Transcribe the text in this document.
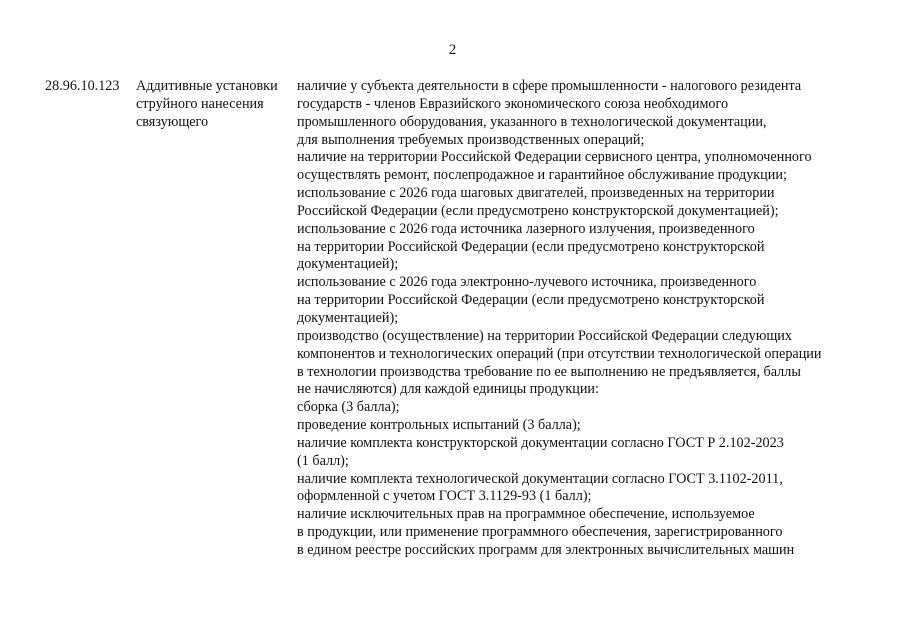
2
28.96.10.123	Аддитивные установки
струйного нанесения
связующего
наличие у субъекта деятельности в сфере промышленности - налогового резидента
государств - членов Евразийского экономического союза необходимого
промышленного оборудования, указанного в технологической документации,
для выполнения требуемых производственных операций;
наличие на территории Российской Федерации сервисного центра, уполномоченного
осуществлять ремонт, послепродажное и гарантийное обслуживание продукции;
использование с 2026 года шаговых двигателей, произведенных на территории
Российской Федерации (если предусмотрено конструкторской документацией);
использование с 2026 года источника лазерного излучения, произведенного
на территории Российской Федерации (если предусмотрено конструкторской
документацией);
использование с 2026 года электронно-лучевого источника, произведенного
на территории Российской Федерации (если предусмотрено конструкторской
документацией);
производство (осуществление) на территории Российской Федерации следующих
компонентов и технологических операций (при отсутствии технологической операции
в технологии производства требование по ее выполнению не предъявляется, баллы
не начисляются) для каждой единицы продукции:
сборка (3 балла);
проведение контрольных испытаний (3 балла);
наличие комплекта конструкторской документации согласно ГОСТ Р 2.102-2023
(1 балл);
наличие комплекта технологической документации согласно ГОСТ 3.1102-2011,
оформленной с учетом ГОСТ 3.1129-93 (1 балл);
наличие исключительных прав на программное обеспечение, используемое
в продукции, или применение программного обеспечения, зарегистрированного
в едином реестре российских программ для электронных вычислительных машин
